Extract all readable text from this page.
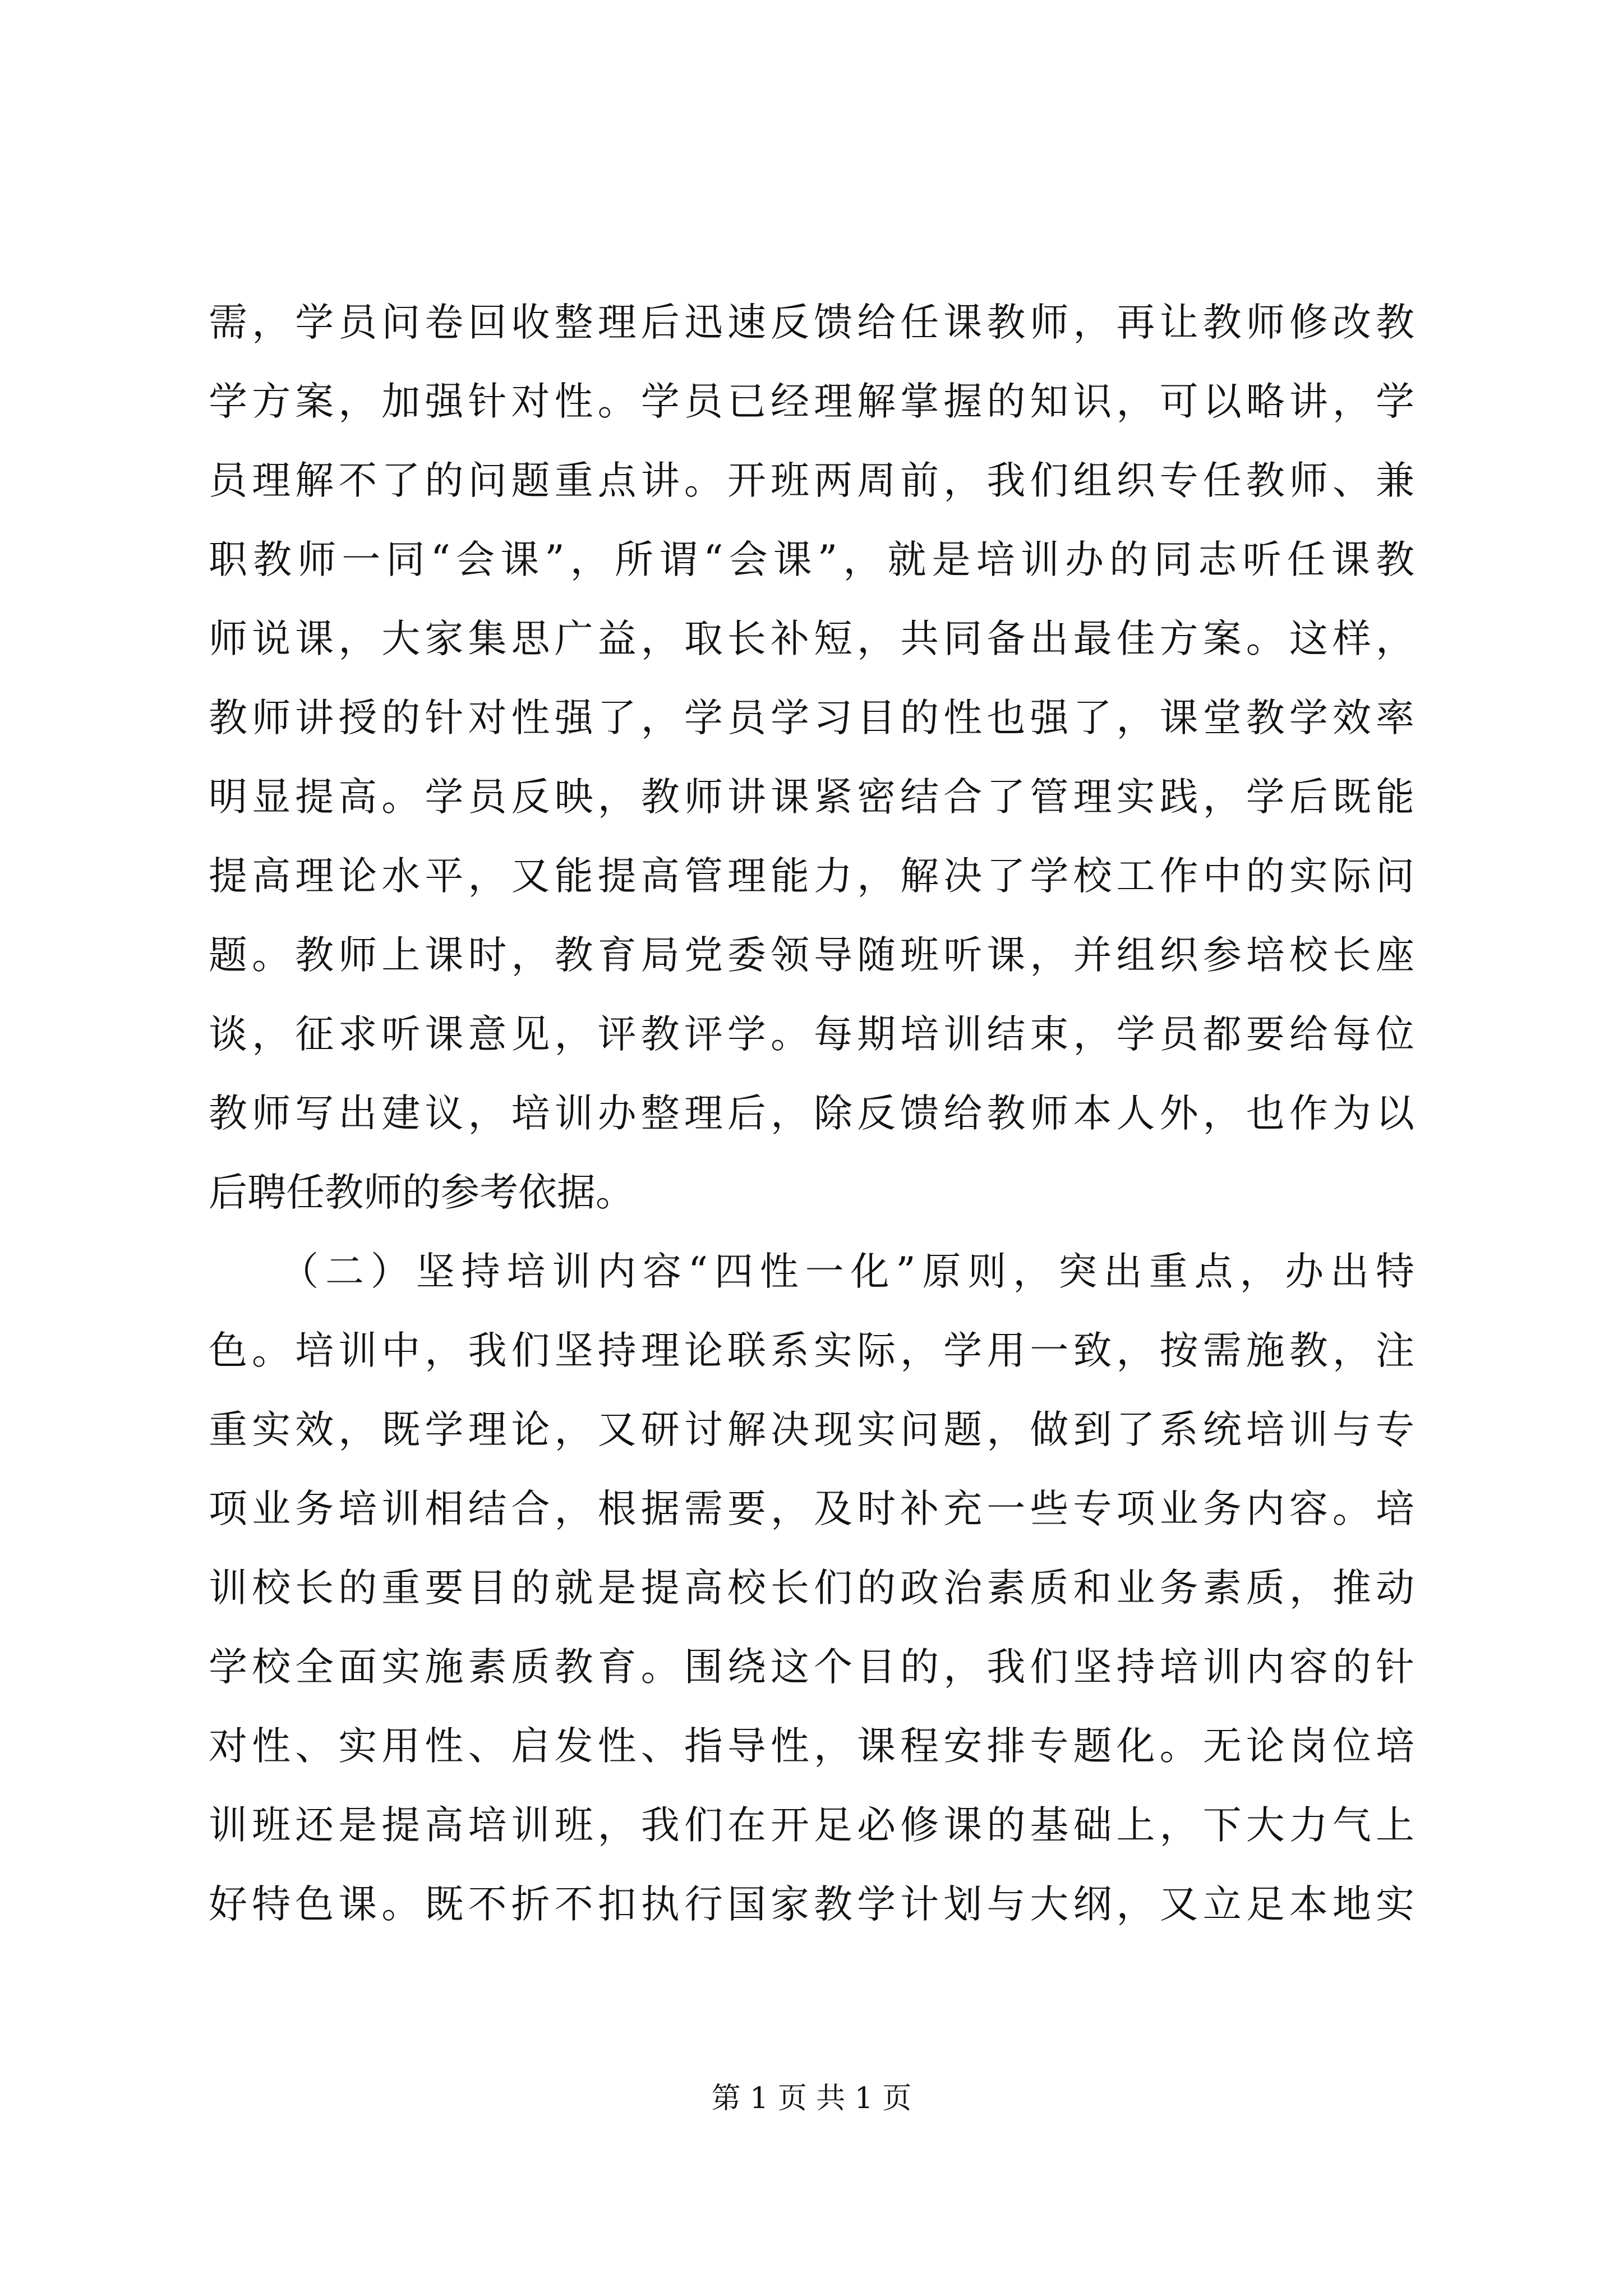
需，学员问卷回收整理后迅速反馈给任课教师，再让教师修改教
学方案，加强针对性。学员已经理解掌握的知识，可以略讲，学
员理解不了的问题重点讲。开班两周前，我们组织专任教师、兼
职教师一同“会课”，所谓“会课”，就是培训办的同志听任课教
师说课，大家集思广益，取长补短，共同备出最佳方案。这样，
教师讲授的针对性强了，学员学习目的性也强了，课堂教学效率
明显提高。学员反映，教师讲课紧密结合了管理实践，学后既能
提高理论水平，又能提高管理能力，解决了学校工作中的实际问
题。教师上课时，教育局党委领导随班听课，并组织参培校长座
谈，征求听课意见，评教评学。每期培训结束，学员都要给每位
教师写出建议，培训办整理后，除反馈给教师本人外，也作为以
后聘任教师的参考依据。
　　（二）坚持培训内容“四性一化”原则，突出重点，办出特
色。培训中，我们坚持理论联系实际，学用一致，按需施教，注
重实效，既学理论，又研讨解决现实问题，做到了系统培训与专
项业务培训相结合，根据需要，及时补充一些专项业务内容。培
训校长的重要目的就是提高校长们的政治素质和业务素质，推动
学校全面实施素质教育。围绕这个目的，我们坚持培训内容的针
对性、实用性、启发性、指导性，课程安排专题化。无论岗位培
训班还是提高培训班，我们在开足必修课的基础上，下大力气上
好特色课。既不折不扣执行国家教学计划与大纲，又立足本地实
第 1 页 共 1 页
